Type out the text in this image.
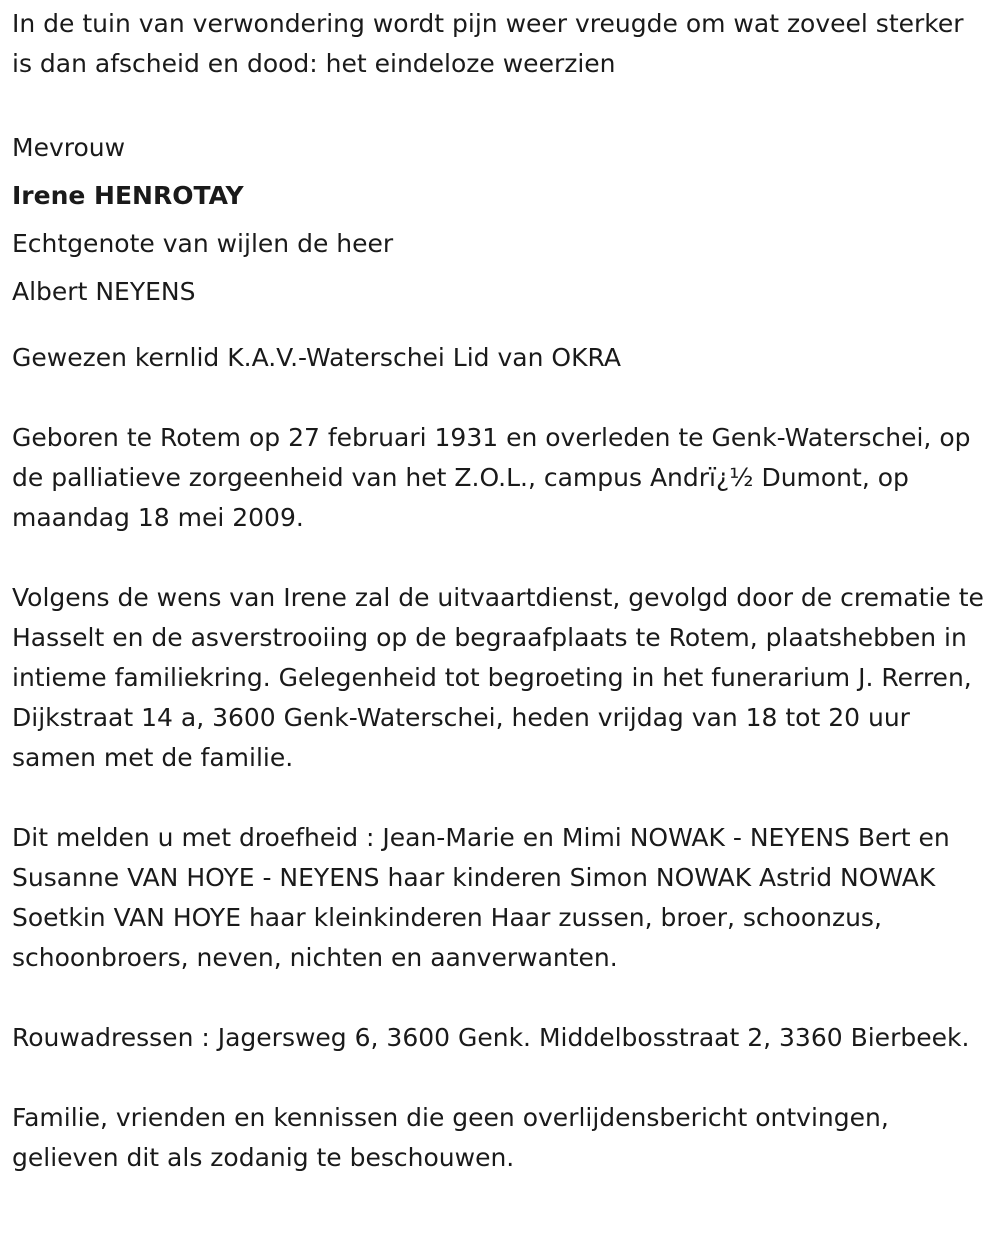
In de tuin van verwondering wordt pijn weer vreugde om wat zoveel sterker is dan afscheid en dood: het eindeloze weerzien

Mevrouw

Irene HENROTAY

Echtgenote van wijlen de heer

Albert NEYENS

Gewezen kernlid K.A.V.-Waterschei Lid van OKRA

Geboren te Rotem op 27 februari 1931 en overleden te Genk-Waterschei, op de palliatieve zorgeenheid van het Z.O.L., campus Andrï¿½ Dumont, op maandag 18 mei 2009.

Volgens de wens van Irene zal de uitvaartdienst, gevolgd door de crematie te Hasselt en de asverstrooiing op de begraafplaats te Rotem, plaatshebben in intieme familiekring. Gelegenheid tot begroeting in het funerarium J. Rerren, Dijkstraat 14 a, 3600 Genk-Waterschei, heden vrijdag van 18 tot 20 uur samen met de familie.

Dit melden u met droefheid : Jean-Marie en Mimi NOWAK - NEYENS Bert en Susanne VAN HOYE - NEYENS haar kinderen Simon NOWAK Astrid NOWAK Soetkin VAN HOYE haar kleinkinderen Haar zussen, broer, schoonzus, schoonbroers, neven, nichten en aanverwanten.

Rouwadressen : Jagersweg 6, 3600 Genk. Middelbosstraat 2, 3360 Bierbeek.

Familie, vrienden en kennissen die geen overlijdensbericht ontvingen, gelieven dit als zodanig te beschouwen.
